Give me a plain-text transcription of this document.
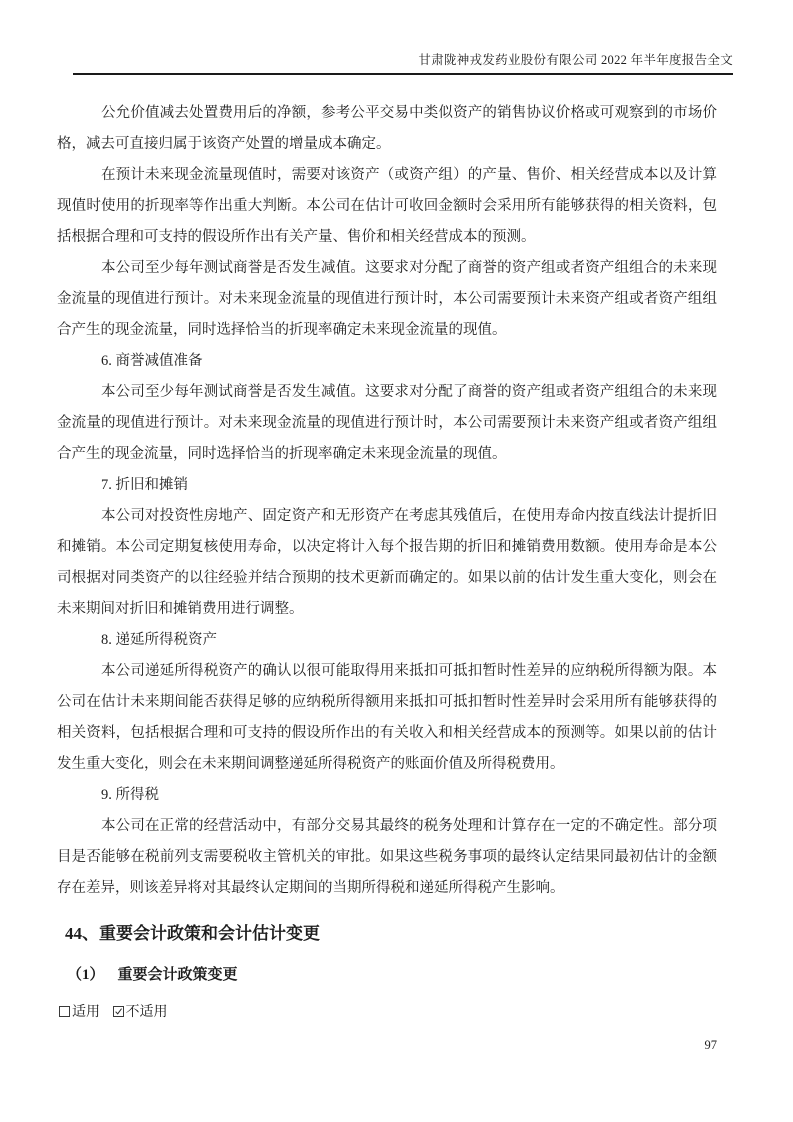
甘肃陇神戎发药业股份有限公司 2022 年半年度报告全文

公允价值减去处置费用后的净额，参考公平交易中类似资产的销售协议价格或可观察到的市场价格，减去可直接归属于该资产处置的增量成本确定。

在预计未来现金流量现值时，需要对该资产（或资产组）的产量、售价、相关经营成本以及计算现值时使用的折现率等作出重大判断。本公司在估计可收回金额时会采用所有能够获得的相关资料，包括根据合理和可支持的假设所作出有关产量、售价和相关经营成本的预测。

本公司至少每年测试商誉是否发生减值。这要求对分配了商誉的资产组或者资产组组合的未来现金流量的现值进行预计。对未来现金流量的现值进行预计时，本公司需要预计未来资产组或者资产组组合产生的现金流量，同时选择恰当的折现率确定未来现金流量的现值。

6. 商誉减值准备

本公司至少每年测试商誉是否发生减值。这要求对分配了商誉的资产组或者资产组组合的未来现金流量的现值进行预计。对未来现金流量的现值进行预计时，本公司需要预计未来资产组或者资产组组合产生的现金流量，同时选择恰当的折现率确定未来现金流量的现值。

7. 折旧和摊销

本公司对投资性房地产、固定资产和无形资产在考虑其残值后，在使用寿命内按直线法计提折旧和摊销。本公司定期复核使用寿命，以决定将计入每个报告期的折旧和摊销费用数额。使用寿命是本公司根据对同类资产的以往经验并结合预期的技术更新而确定的。如果以前的估计发生重大变化，则会在未来期间对折旧和摊销费用进行调整。

8. 递延所得税资产

本公司递延所得税资产的确认以很可能取得用来抵扣可抵扣暂时性差异的应纳税所得额为限。本公司在估计未来期间能否获得足够的应纳税所得额用来抵扣可抵扣暂时性差异时会采用所有能够获得的相关资料，包括根据合理和可支持的假设所作出的有关收入和相关经营成本的预测等。如果以前的估计发生重大变化，则会在未来期间调整递延所得税资产的账面价值及所得税费用。

9. 所得税

本公司在正常的经营活动中，有部分交易其最终的税务处理和计算存在一定的不确定性。部分项目是否能够在税前列支需要税收主管机关的审批。如果这些税务事项的最终认定结果同最初估计的金额存在差异，则该差异将对其最终认定期间的当期所得税和递延所得税产生影响。

44、重要会计政策和会计估计变更
（1） 重要会计政策变更
适用 不适用
97
